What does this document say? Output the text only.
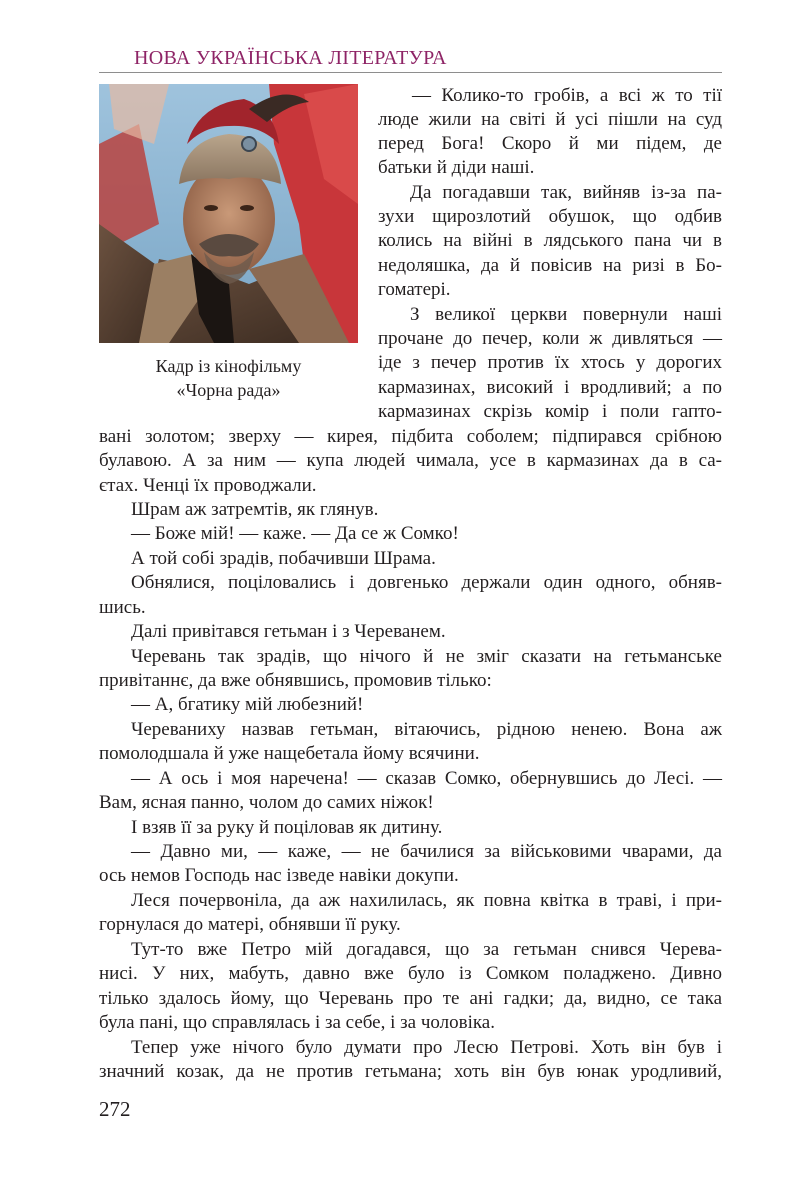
НОВА УКРАЇНСЬКА ЛІТЕРАТУРА
Кадр із кінофільму
«Чорна рада»
— Колико-то гробів, а всі ж то тії
люде жили на світі й усі пішли на суд
перед Бога! Скоро й ми підем, де
батьки й діди наші.
Да погадавши так, вийняв із-за па-
зухи щирозлотий обушок, що одбив
колись на війні в лядського пана чи в
недоляшка, да й повісив на ризі в Бо-
гоматері.
З великої церкви повернули наші
прочане до печер, коли ж дивляться —
іде з печер против їх хтось у дорогих
кармазинах, високий і вродливий; а по
кармазинах скрізь комір і поли гапто-
вані золотом; зверху — кирея, підбита соболем; підпирався срібною
булавою. А за ним — купа людей чимала, усе в кармазинах да в са-
єтах. Ченці їх проводжали.
Шрам аж затремтів, як глянув.
— Боже мій! — каже. — Да се ж Сомко!
А той собі зрадів, побачивши Шрама.
Обнялися, поціловались і довгенько держали один одного, обняв-
шись.
Далі привітався гетьман і з Череванем.
Черевань так зрадів, що нічого й не зміг сказати на гетьманське
привітаннє, да вже обнявшись, промовив тілько:
— А, бгатику мій любезний!
Череваниху назвав гетьман, вітаючись, рідною ненею. Вона аж
помолодшала й уже нащебетала йому всячини.
— А ось і моя наречена! — сказав Сомко, обернувшись до Лесі. —
Вам, ясная панно, чолом до самих ніжок!
І взяв її за руку й поціловав як дитину.
— Давно ми, — каже, — не бачилися за військовими чварами, да
ось немов Господь нас ізведе навіки докупи.
Леся почервоніла, да аж нахилилась, як повна квітка в траві, і при-
горнулася до матері, обнявши її руку.
Тут-то вже Петро мій догадався, що за гетьман снився Черева-
нисі. У них, мабуть, давно вже було із Сомком поладжено. Дивно
тілько здалось йому, що Черевань про те ані гадки; да, видно, се така
була пані, що справлялась і за себе, і за чоловіка.
Тепер уже нічого було думати про Лесю Петрові. Хоть він був і
значний козак, да не против гетьмана; хоть він був юнак уродливий,
272
